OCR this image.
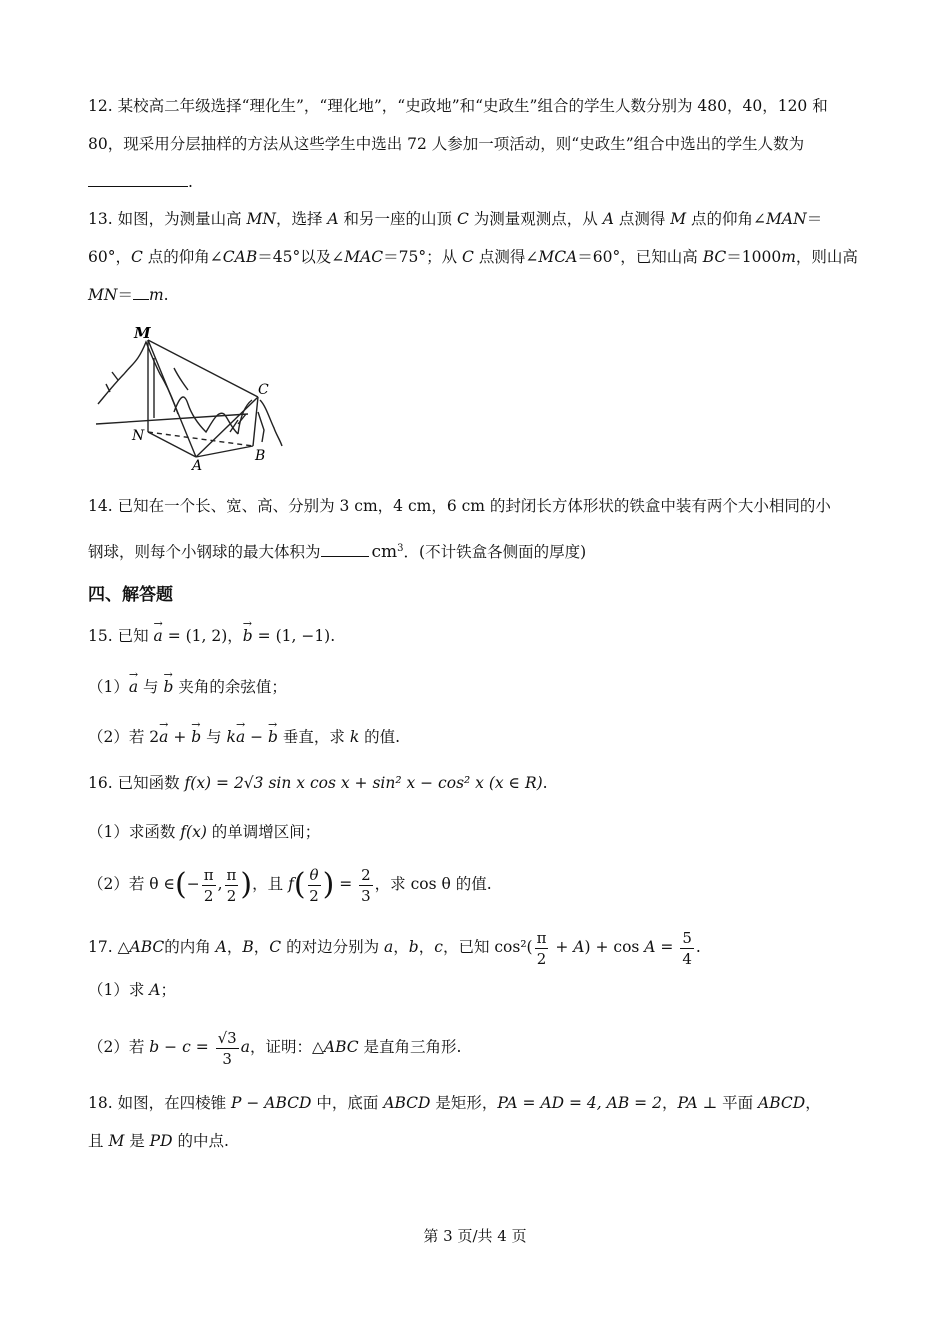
12. 某校高二年级选择“理化生”，“理化地”，“史政地”和“史政生”组合的学生人数分别为 480，40，120 和
80，现采用分层抽样的方法从这些学生中选出 72 人参加一项活动，则“史政生”组合中选出的学生人数为
.
13. 如图，为测量山高 MN，选择 A 和另一座的山顶 C 为测量观测点，从 A 点测得 M 点的仰角∠MAN＝
60°，C 点的仰角∠CAB＝45°以及∠MAC＝75°；从 C 点测得∠MCA＝60°，已知山高 BC＝1000m，则山高
MN＝ m.
M
N
A
B
C
14. 已知在一个长、宽、高、分别为 3 cm，4 cm，6 cm 的封闭长方体形状的铁盒中装有两个大小相同的小
钢球，则每个小钢球的最大体积为	$cm^3$．(不计铁盒各侧面的厚度)
四、解答题
15. 已知 → a = (1, 2)，→ b = (1, −1).
（1）→ a 与 → b 夹角的余弦值；
（2）若 2→ a + → b 与 k→ a − → b 垂直，求 k 的值.
16. 已知函数 f(x) = 2√3 sin x cos x + sin² x − cos² x (x ∈ R).
（1）求函数 f(x) 的单调增区间；
（2）若 θ ∈(− $\frac{\pi}{2}$ , $\frac{\pi}{2}$ )，且 $f( \frac{\theta}{2}$ ) = $\frac{2}{3}$ ，求 cos θ 的值.
17. △ABC的内角 A，B，C 的对边分别为 a，b，c，已知 $\cos^2( \frac{\pi}{2} + A) + \cos A = \frac{5}{4}$ .
（1）求 A；
（2）若 $b - c = \frac{√3}{3}$ a，证明：△ABC 是直角三角形.
18. 如图，在四棱锥 P − ABCD 中，底面 ABCD 是矩形，PA = AD = 4, AB = 2，PA ⊥ 平面 ABCD，
且 M 是 PD 的中点.
第 3 页/共 4 页
